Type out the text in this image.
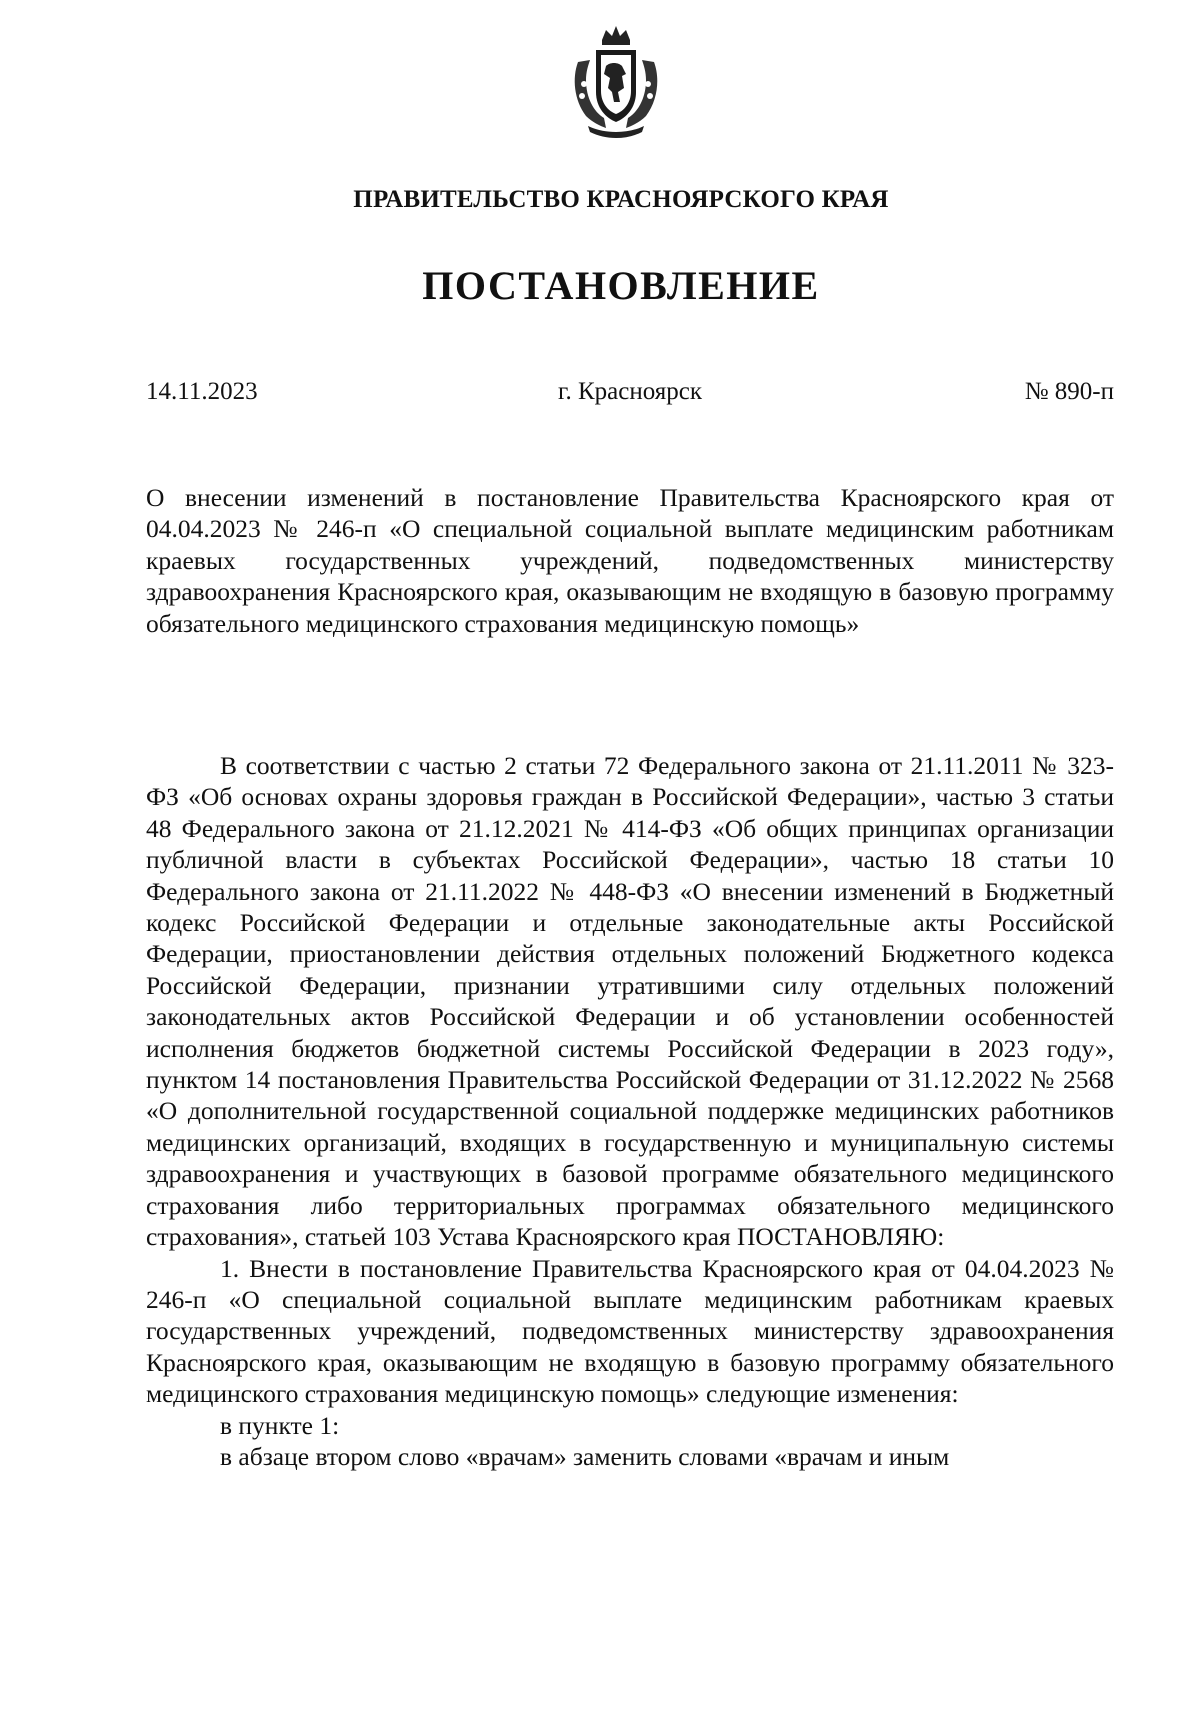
ПРАВИТЕЛЬСТВО КРАСНОЯРСКОГО КРАЯ
ПОСТАНОВЛЕНИЕ
14.11.2023	г. Красноярск	№ 890-п

О внесении изменений в постановление Правительства Красноярского края от 04.04.2023 № 246-п «О специальной социальной выплате медицинским работникам краевых государственных учреждений, подведомственных министерству здравоохранения Красноярского края, оказывающим не входящую в базовую программу обязательного медицинского страхования медицинскую помощь»

В соответствии с частью 2 статьи 72 Федерального закона от 21.11.2011 № 323-ФЗ «Об основах охраны здоровья граждан в Российской Федерации», частью 3 статьи 48 Федерального закона от 21.12.2021 № 414-ФЗ «Об общих принципах организации публичной власти в субъектах Российской Федерации», частью 18 статьи 10 Федерального закона от 21.11.2022 № 448-ФЗ «О внесении изменений в Бюджетный кодекс Российской Федерации и отдельные законодательные акты Российской Федерации, приостановлении действия отдельных положений Бюджетного кодекса Российской Федерации, признании утратившими силу отдельных положений законодательных актов Российской Федерации и об установлении особенностей исполнения бюджетов бюджетной системы Российской Федерации в 2023 году», пунктом 14 постановления Правительства Российской Федерации от 31.12.2022 № 2568 «О дополнительной государственной социальной поддержке медицинских работников медицинских организаций, входящих в государственную и муниципальную системы здравоохранения и участвующих в базовой программе обязательного медицинского страхования либо территориальных программах обязательного медицинского страхования», статьей 103 Устава Красноярского края ПОСТАНОВЛЯЮ:

1. Внести в постановление Правительства Красноярского края от 04.04.2023 № 246-п «О специальной социальной выплате медицинским работникам краевых государственных учреждений, подведомственных министерству здравоохранения Красноярского края, оказывающим не входящую в базовую программу обязательного медицинского страхования медицинскую помощь» следующие изменения:

в пункте 1:

в абзаце втором слово «врачам» заменить словами «врачам и иным
